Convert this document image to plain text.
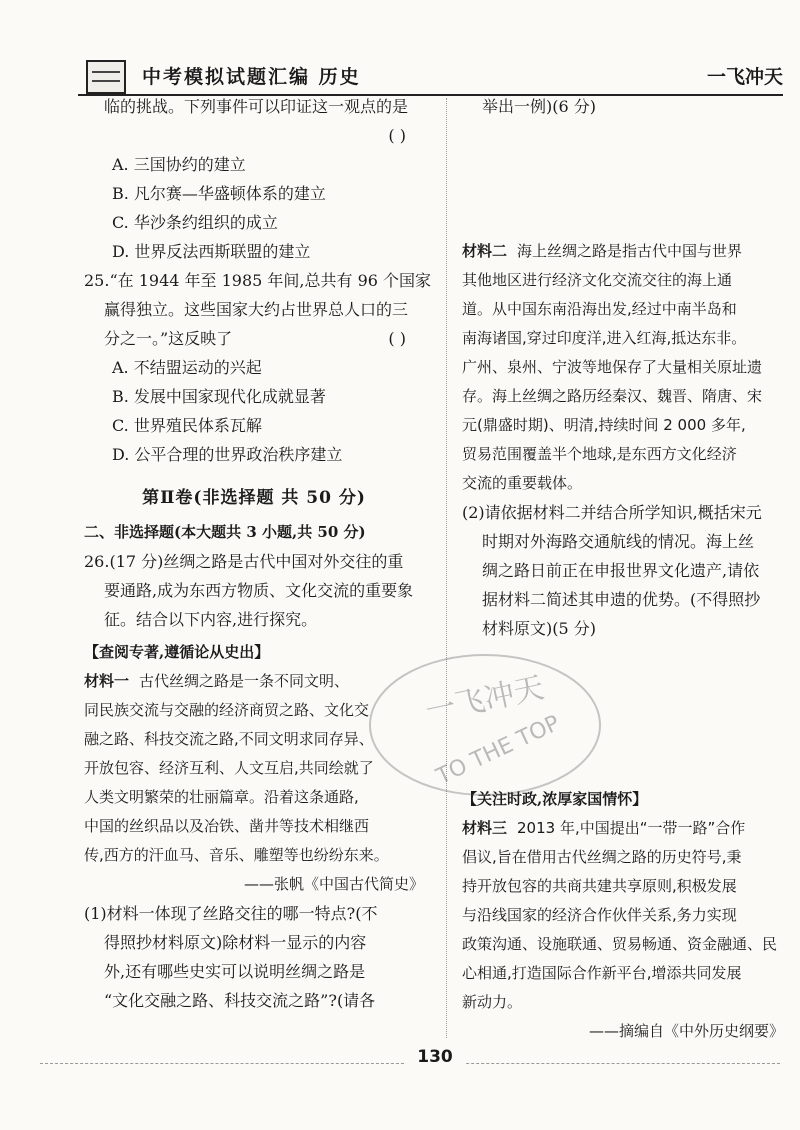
中考模拟试题汇编 历史	一飞冲天

临的挑战。下列事件可以印证这一观点的是

( )

A. 三国协约的建立

B. 凡尔赛—华盛顿体系的建立

C. 华沙条约组织的成立

D. 世界反法西斯联盟的建立

25.“在 1944 年至 1985 年间,总共有 96 个国家

赢得独立。这些国家大约占世界总人口的三

分之一。”这反映了	( )

A. 不结盟运动的兴起

B. 发展中国家现代化成就显著

C. 世界殖民体系瓦解

D. 公平合理的世界政治秩序建立

第Ⅱ卷(非选择题 共 50 分)

二、非选择题(本大题共 3 小题,共 50 分)

26.(17 分)丝绸之路是古代中国对外交往的重

要通路,成为东西方物质、文化交流的重要象

征。结合以下内容,进行探究。

【查阅专著,遵循论从史出】

材料一 古代丝绸之路是一条不同文明、

同民族交流与交融的经济商贸之路、文化交

融之路、科技交流之路,不同文明求同存异、

开放包容、经济互利、人文互启,共同绘就了

人类文明繁荣的壮丽篇章。沿着这条通路,

中国的丝织品以及冶铁、凿井等技术相继西

传,西方的汗血马、音乐、雕塑等也纷纷东来。

——张帆《中国古代简史》

(1)材料一体现了丝路交往的哪一特点?(不

得照抄材料原文)除材料一显示的内容

外,还有哪些史实可以说明丝绸之路是

“文化交融之路、科技交流之路”?(请各

举出一例)(6 分)

材料二 海上丝绸之路是指古代中国与世界

其他地区进行经济文化交流交往的海上通

道。从中国东南沿海出发,经过中南半岛和

南海诸国,穿过印度洋,进入红海,抵达东非。

广州、泉州、宁波等地保存了大量相关原址遗

存。海上丝绸之路历经秦汉、魏晋、隋唐、宋

元(鼎盛时期)、明清,持续时间 2 000 多年,

贸易范围覆盖半个地球,是东西方文化经济

交流的重要载体。

(2)请依据材料二并结合所学知识,概括宋元

时期对外海路交通航线的情况。海上丝

绸之路日前正在申报世界文化遗产,请依

据材料二简述其申遗的优势。(不得照抄

材料原文)(5 分)

【关注时政,浓厚家国情怀】

材料三 2013 年,中国提出“一带一路”合作

倡议,旨在借用古代丝绸之路的历史符号,秉

持开放包容的共商共建共享原则,积极发展

与沿线国家的经济合作伙伴关系,务力实现

政策沟通、设施联通、贸易畅通、资金融通、民

心相通,打造国际合作新平台,增添共同发展

新动力。

——摘编自《中外历史纲要》

一飞冲天
TO THE TOP
130
